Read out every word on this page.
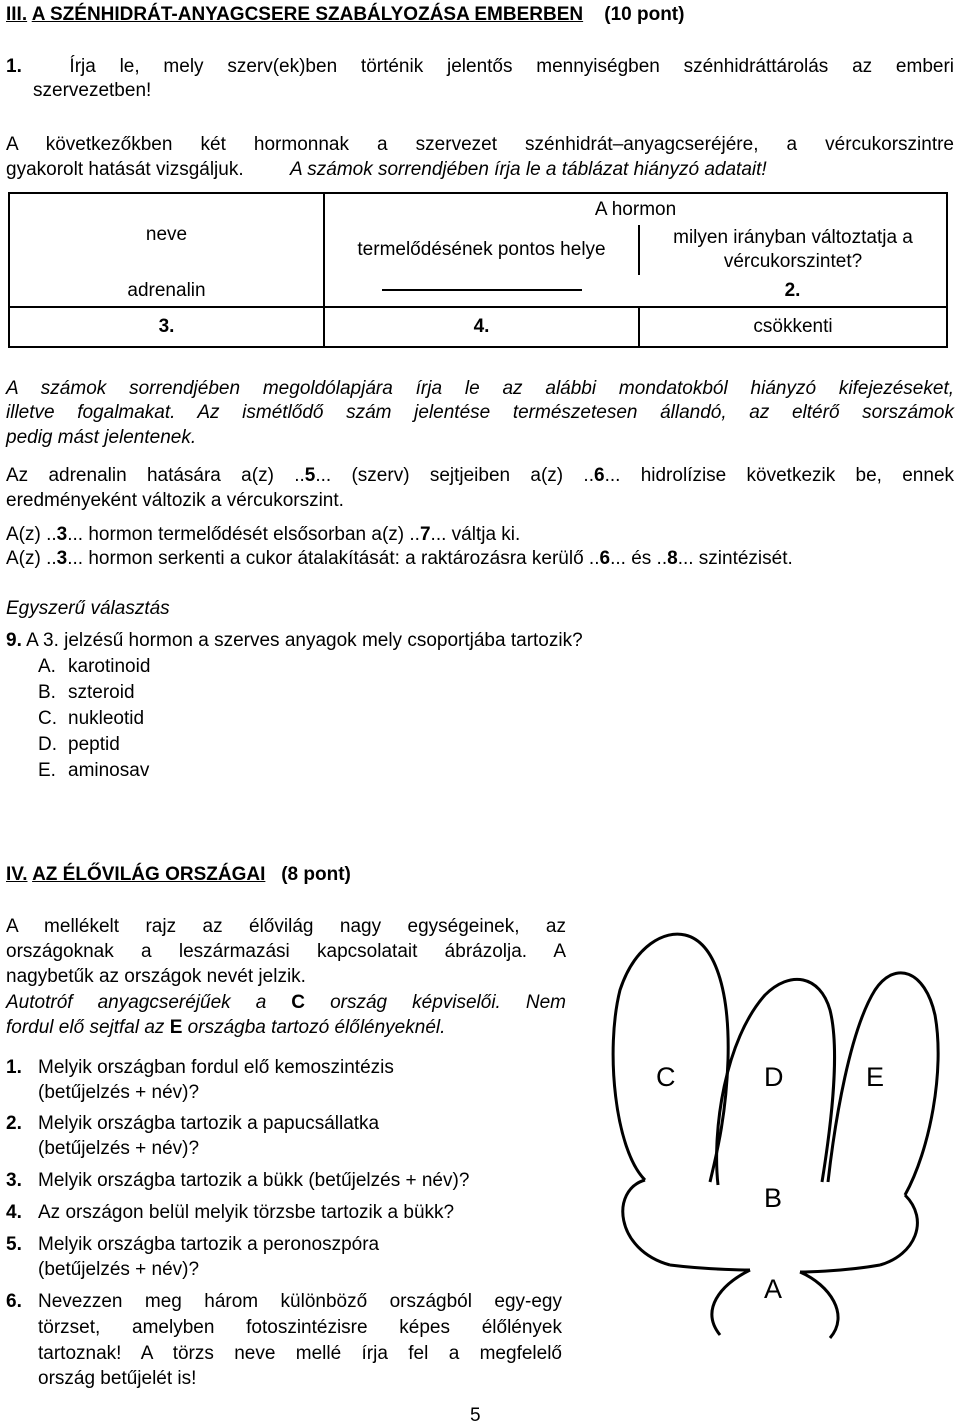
III. A SZÉNHIDRÁT-ANYAGCSERE SZABÁLYOZÁSA EMBERBEN (10 pont)
1.	Írja le, mely szerv(ek)ben történik jelentős mennyiségben szénhidráttárolás az emberi
szervezetben!
A következőkben két hormonnak a szervezet szénhidrát–anyagcseréjére, a vércukorszintre
gyakorolt hatását vizsgáljuk. A számok sorrendjében írja le a táblázat hiányzó adatait!
neve	A hormon	
	termelődésének pontos helye	milyen irányban változtatja a
vércukorszintet?

adrenalin		2.
3.	4.	csökkenti
A számok sorrendjében megoldólapjára írja le az alábbi mondatokból hiányzó kifejezéseket,
illetve fogalmakat. Az ismétlődő szám jelentése természetesen állandó, az eltérő sorszámok
pedig mást jelentenek.
Az adrenalin hatására a(z) ..5... (szerv) sejtjeiben a(z) ..6... hidrolízise következik be, ennek
eredményeként változik a vércukorszint.
A(z) ..3... hormon termelődését elsősorban a(z) ..7... váltja ki.
A(z) ..3... hormon serkenti a cukor átalakítását: a raktározásra kerülő ..6... és ..8... szintézisét.
Egyszerű választás
9. A 3. jelzésű hormon a szerves anyagok mely csoportjába tartozik?
A. karotinoid
B. szteroid
C. nukleotid
D. peptid
E. aminosav
IV. AZ ÉLŐVILÁG ORSZÁGAI (8 pont)
A mellékelt rajz az élővilág nagy egységeinek, az
országoknak a leszármazási kapcsolatait ábrázolja. A
nagybetűk az országok nevét jelzik.
Autotróf anyagcseréjűek a C ország képviselői. Nem
fordul elő sejtfal az E országba tartozó élőlényeknél.
1. Melyik országban fordul elő kemoszintézis
(betűjelzés + név)?
2. Melyik országba tartozik a papucsállatka
(betűjelzés + név)?
3. Melyik országba tartozik a bükk (betűjelzés + név)?
4. Az országon belül melyik törzsbe tartozik a bükk?
5. Melyik országba tartozik a peronoszpóra
(betűjelzés + név)?
6. Nevezzen meg három különböző országból egy-egy
törzset, amelyben fotoszintézisre képes élőlények
tartoznak! A törzs neve mellé írja fel a megfelelő
ország betűjelét is!
C	D	E
B
A
5
